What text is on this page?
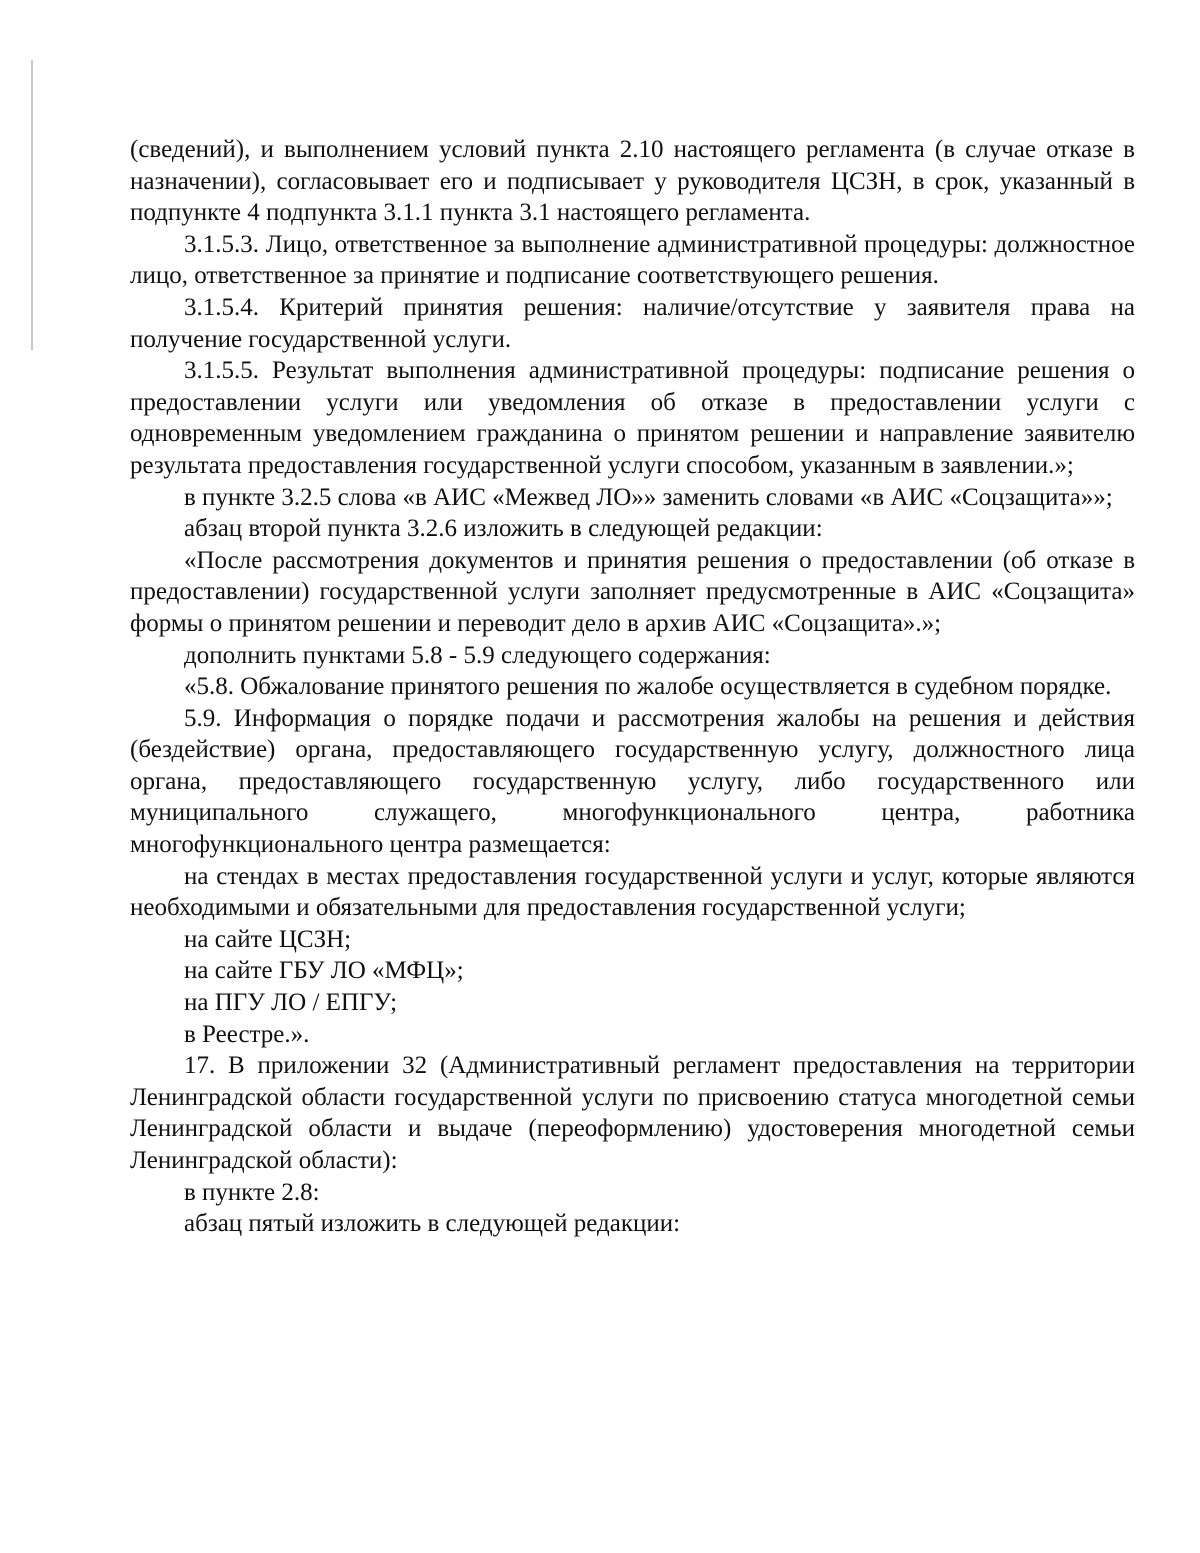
(сведений), и выполнением условий пункта 2.10 настоящего регламента (в случае отказе в назначении), согласовывает его и подписывает у руководителя ЦСЗН, в срок, указанный в подпункте 4 подпункта 3.1.1 пункта 3.1 настоящего регламента.

3.1.5.3. Лицо, ответственное за выполнение административной процедуры: должностное лицо, ответственное за принятие и подписание соответствующего решения.

3.1.5.4. Критерий принятия решения: наличие/отсутствие у заявителя права на получение государственной услуги.

3.1.5.5. Результат выполнения административной процедуры: подписание решения о предоставлении услуги или уведомления об отказе в предоставлении услуги с одновременным уведомлением гражданина о принятом решении и направление заявителю результата предоставления государственной услуги способом, указанным в заявлении.»;

в пункте 3.2.5 слова «в АИС «Межвед ЛО»» заменить словами «в АИС «Соцзащита»»;

абзац второй пункта 3.2.6 изложить в следующей редакции:

«После рассмотрения документов и принятия решения о предоставлении (об отказе в предоставлении) государственной услуги заполняет предусмотренные в АИС «Соцзащита» формы о принятом решении и переводит дело в архив АИС «Соцзащита».»;

дополнить пунктами 5.8 - 5.9 следующего содержания:

«5.8. Обжалование принятого решения по жалобе осуществляется в судебном порядке.

5.9. Информация о порядке подачи и рассмотрения жалобы на решения и действия (бездействие) органа, предоставляющего государственную услугу, должностного лица органа, предоставляющего государственную услугу, либо государственного или муниципального служащего, многофункционального центра, работника многофункционального центра размещается:

на стендах в местах предоставления государственной услуги и услуг, которые являются необходимыми и обязательными для предоставления государственной услуги;

на сайте ЦСЗН;

на сайте ГБУ ЛО «МФЦ»;

на ПГУ ЛО / ЕПГУ;

в Реестре.».

17. В приложении 32 (Административный регламент предоставления на территории Ленинградской области государственной услуги по присвоению статуса многодетной семьи Ленинградской области и выдаче (переоформлению) удостоверения многодетной семьи Ленинградской области):

в пункте 2.8:

абзац пятый изложить в следующей редакции:
